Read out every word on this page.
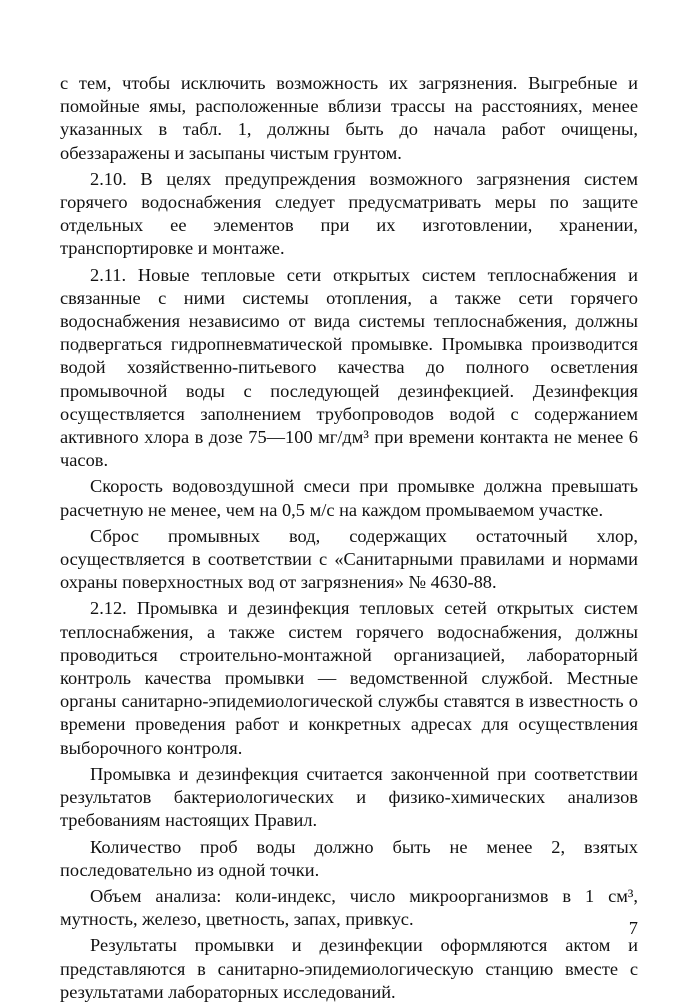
с тем, чтобы исключить возможность их загрязнения. Выгребные и помойные ямы, расположенные вблизи трассы на расстояниях, менее указанных в табл. 1, должны быть до начала работ очищены, обеззаражены и засыпаны чистым грунтом.

2.10. В целях предупреждения возможного загрязнения систем горячего водоснабжения следует предусматривать меры по защите отдельных ее элементов при их изготовлении, хранении, транспортировке и монтаже.

2.11. Новые тепловые сети открытых систем теплоснабжения и связанные с ними системы отопления, а также сети горячего водоснабжения независимо от вида системы теплоснабжения, должны подвергаться гидропневматической промывке. Промывка производится водой хозяйственно-питьевого качества до полного осветления промывочной воды с последующей дезинфекцией. Дезинфекция осуществляется заполнением трубопроводов водой с содержанием активного хлора в дозе 75—100 мг/дм³ при времени контакта не менее 6 часов.

Скорость водовоздушной смеси при промывке должна превышать расчетную не менее, чем на 0,5 м/с на каждом промываемом участке.

Сброс промывных вод, содержащих остаточный хлор, осуществляется в соответствии с «Санитарными правилами и нормами охраны поверхностных вод от загрязнения» № 4630-88.

2.12. Промывка и дезинфекция тепловых сетей открытых систем теплоснабжения, а также систем горячего водоснабжения, должны проводиться строительно-монтажной организацией, лабораторный контроль качества промывки — ведомственной службой. Местные органы санитарно-эпидемиологической службы ставятся в известность о времени проведения работ и конкретных адресах для осуществления выборочного контроля.

Промывка и дезинфекция считается законченной при соответствии результатов бактериологических и физико-химических анализов требованиям настоящих Правил.

Количество проб воды должно быть не менее 2, взятых последовательно из одной точки.

Объем анализа: коли-индекс, число микроорганизмов в 1 см³, мутность, железо, цветность, запах, привкус.

Результаты промывки и дезинфекции оформляются актом и представляются в санитарно-эпидемиологическую станцию вместе с результатами лабораторных исследований.

7
